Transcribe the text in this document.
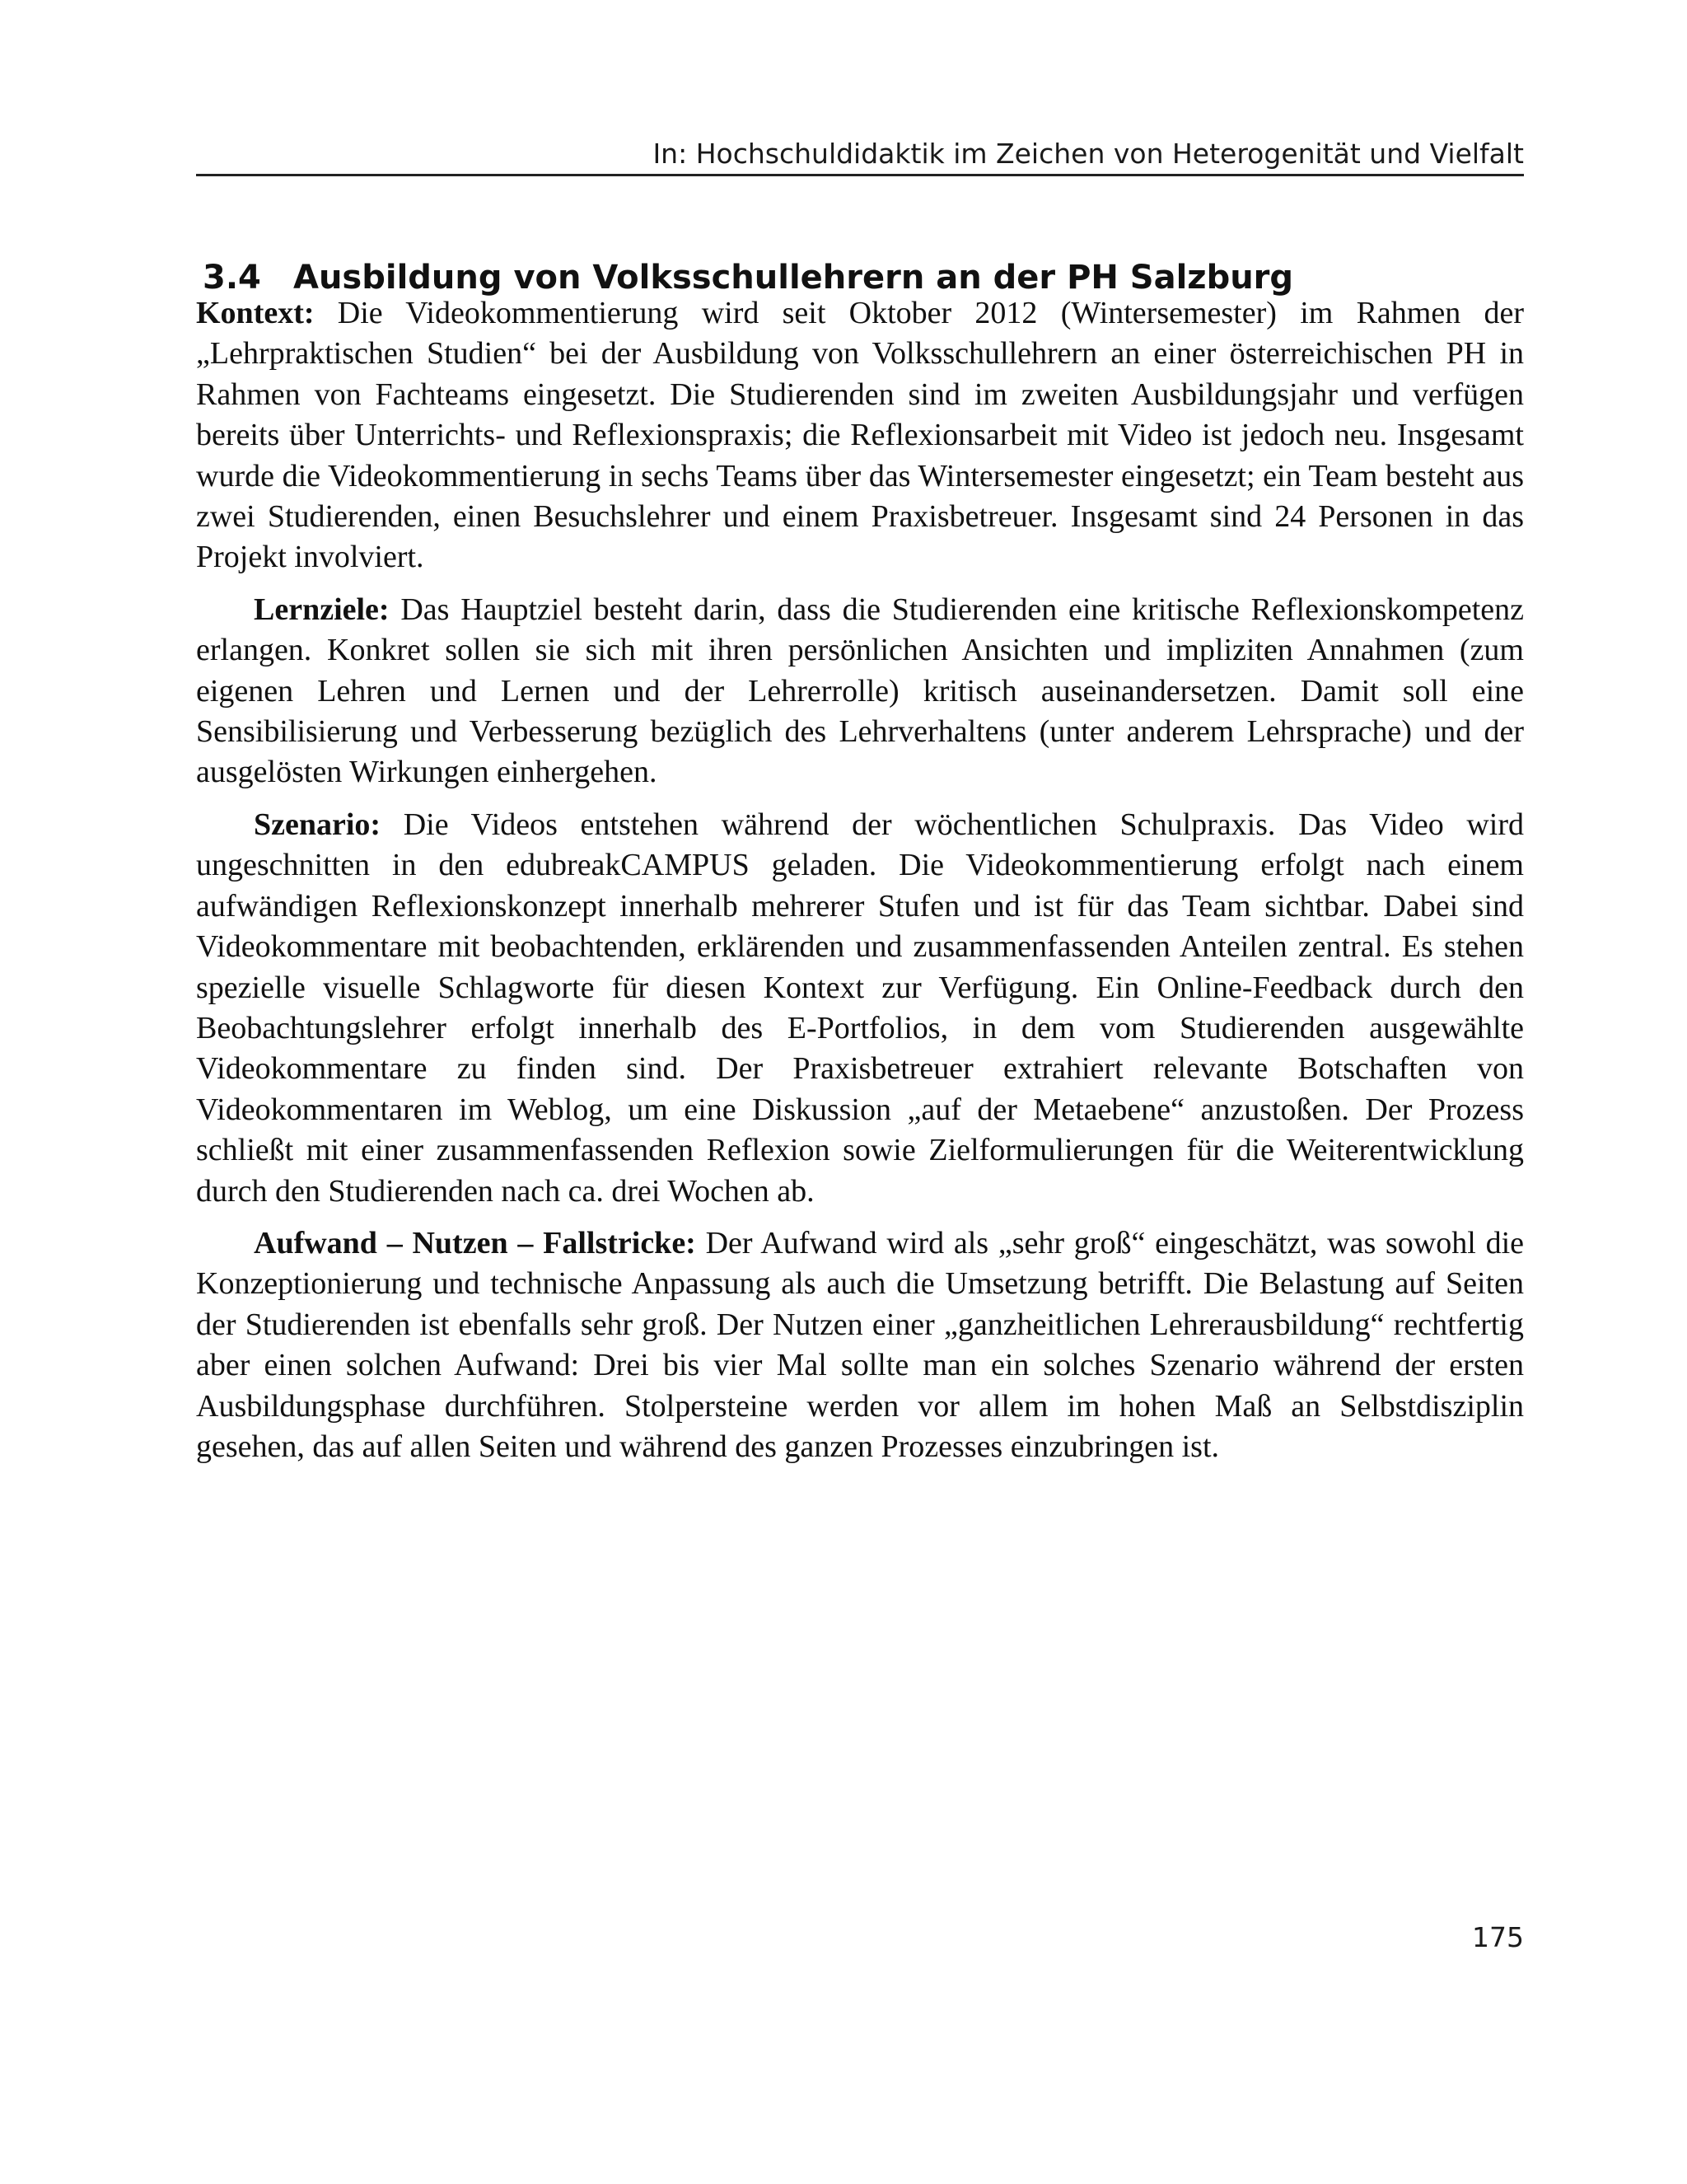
In: Hochschuldidaktik im Zeichen von Heterogenität und Vielfalt
3.4 Ausbildung von Volksschullehrern an der PH Salzburg

Kontext: Die Videokommentierung wird seit Oktober 2012 (Wintersemester) im Rahmen der „Lehrpraktischen Studien“ bei der Ausbildung von Volksschullehrern an einer österreichischen PH in Rahmen von Fachteams eingesetzt. Die Studierenden sind im zweiten Ausbildungsjahr und verfügen bereits über Unterrichts- und Reflexionspraxis; die Reflexionsarbeit mit Video ist jedoch neu. Insgesamt wurde die Videokommentierung in sechs Teams über das Wintersemester eingesetzt; ein Team besteht aus zwei Studierenden, einen Besuchslehrer und einem Praxisbetreuer. Insgesamt sind 24 Personen in das Projekt involviert.

Lernziele: Das Hauptziel besteht darin, dass die Studierenden eine kritische Reflexionskompetenz erlangen. Konkret sollen sie sich mit ihren persönlichen Ansichten und impliziten Annahmen (zum eigenen Lehren und Lernen und der Lehrerrolle) kritisch auseinandersetzen. Damit soll eine Sensibilisierung und Verbesserung bezüglich des Lehrverhaltens (unter anderem Lehrsprache) und der ausgelösten Wirkungen einhergehen.

Szenario: Die Videos entstehen während der wöchentlichen Schulpraxis. Das Video wird ungeschnitten in den edubreakCAMPUS geladen. Die Videokommentierung erfolgt nach einem aufwändigen Reflexionskonzept innerhalb mehrerer Stufen und ist für das Team sichtbar. Dabei sind Videokommentare mit beobachtenden, erklärenden und zusammenfassenden Anteilen zentral. Es stehen spezielle visuelle Schlagworte für diesen Kontext zur Verfügung. Ein Online-Feedback durch den Beobachtungslehrer erfolgt innerhalb des E-Portfolios, in dem vom Studierenden ausgewählte Videokommentare zu finden sind. Der Praxisbetreuer extrahiert relevante Botschaften von Videokommentaren im Weblog, um eine Diskussion „auf der Metaebene“ anzustoßen. Der Prozess schließt mit einer zusammenfassenden Reflexion sowie Zielformulierungen für die Weiterentwicklung durch den Studierenden nach ca. drei Wochen ab.

Aufwand – Nutzen – Fallstricke: Der Aufwand wird als „sehr groß“ eingeschätzt, was sowohl die Konzeptionierung und technische Anpassung als auch die Umsetzung betrifft. Die Belastung auf Seiten der Studierenden ist ebenfalls sehr groß. Der Nutzen einer „ganzheitlichen Lehrerausbildung“ rechtfertig aber einen solchen Aufwand: Drei bis vier Mal sollte man ein solches Szenario während der ersten Ausbildungsphase durchführen. Stolpersteine werden vor allem im hohen Maß an Selbstdisziplin gesehen, das auf allen Seiten und während des ganzen Prozesses einzubringen ist.

175
